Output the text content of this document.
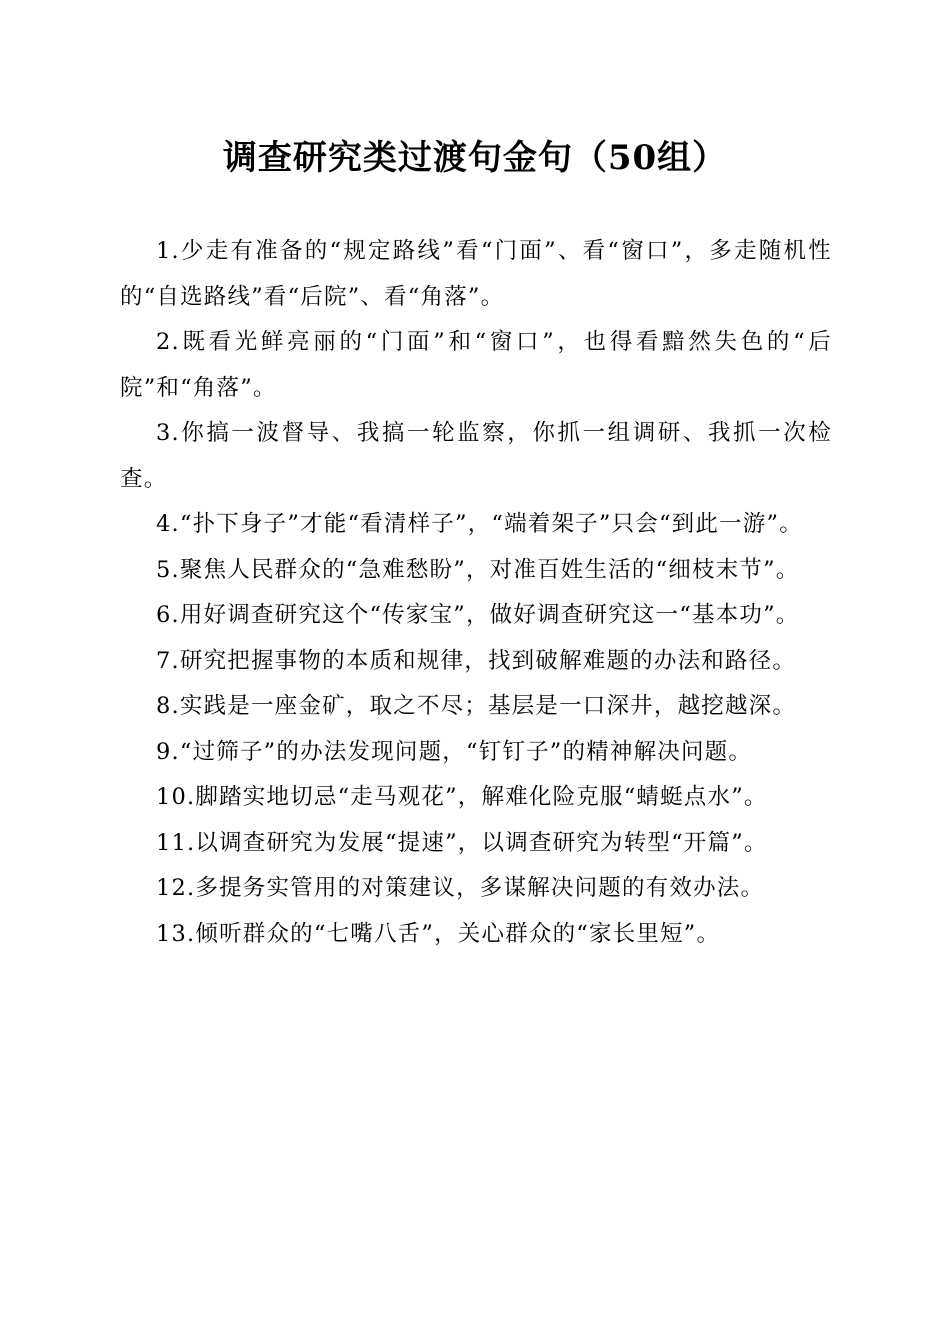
调查研究类过渡句金句（50组）

1.少走有准备的“规定路线”看“门面”、看“窗口”，多走随机性的“自选路线”看“后院”、看“角落”。

2.既看光鲜亮丽的“门面”和“窗口”，也得看黯然失色的“后院”和“角落”。

3.你搞一波督导、我搞一轮监察，你抓一组调研、我抓一次检查。

4.“扑下身子”才能“看清样子”，“端着架子”只会“到此一游”。

5.聚焦人民群众的“急难愁盼”，对准百姓生活的“细枝末节”。

6.用好调查研究这个“传家宝”，做好调查研究这一“基本功”。

7.研究把握事物的本质和规律，找到破解难题的办法和路径。

8.实践是一座金矿，取之不尽；基层是一口深井，越挖越深。

9.“过筛子”的办法发现问题，“钉钉子”的精神解决问题。

10.脚踏实地切忌“走马观花”，解难化险克服“蜻蜓点水”。

11.以调查研究为发展“提速”，以调查研究为转型“开篇”。

12.多提务实管用的对策建议，多谋解决问题的有效办法。

13.倾听群众的“七嘴八舌”，关心群众的“家长里短”。
